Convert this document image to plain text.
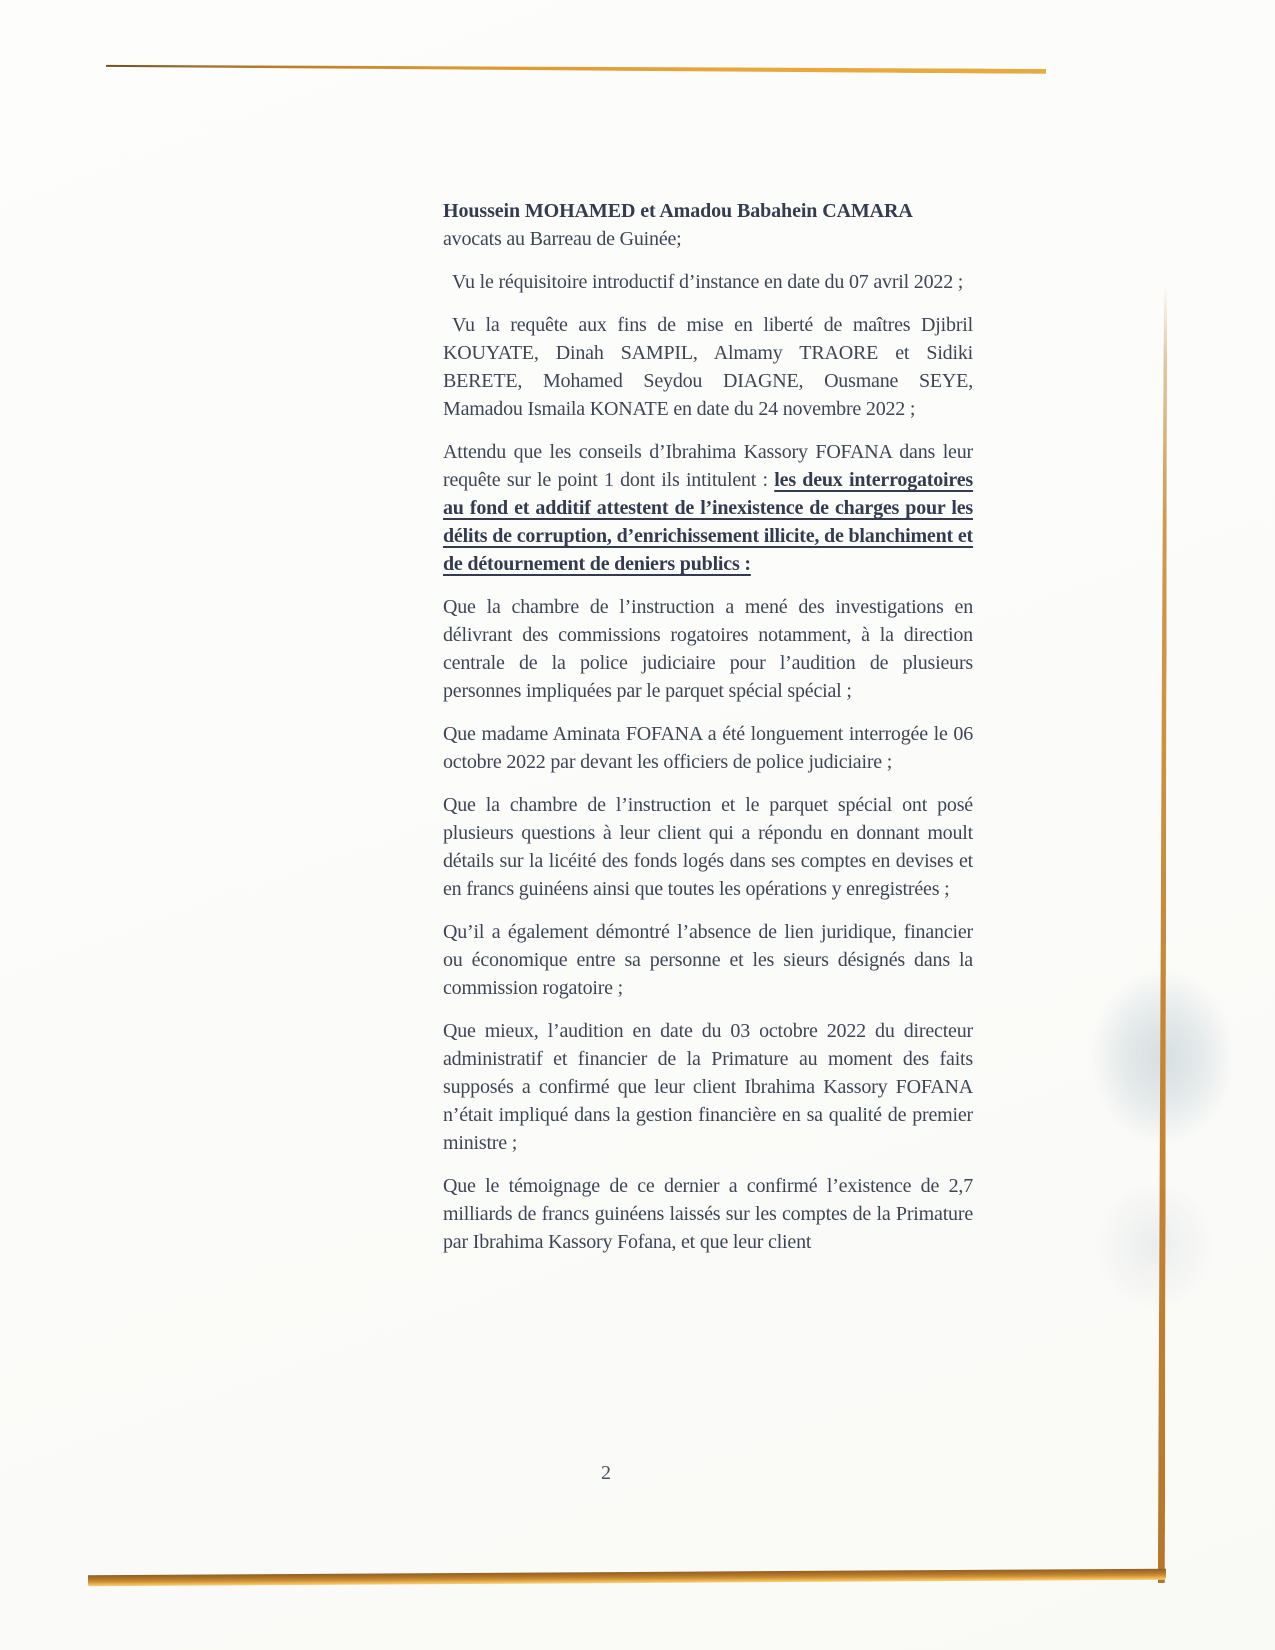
Houssein MOHAMED et Amadou Babahein CAMARA
avocats au Barreau de Guinée;

Vu le réquisitoire introductif d’instance en date du 07 avril 2022 ;

Vu la requête aux fins de mise en liberté de maîtres Djibril KOUYATE, Dinah SAMPIL, Almamy TRAORE et Sidiki BERETE, Mohamed Seydou DIAGNE, Ousmane SEYE, Mamadou Ismaila KONATE en date du 24 novembre 2022 ;

Attendu que les conseils d’Ibrahima Kassory FOFANA dans leur requête sur le point 1 dont ils intitulent : les deux interrogatoires au fond et additif attestent de l’inexistence de charges pour les délits de corruption, d’enrichissement illicite, de blanchiment et de détournement de deniers publics :

Que la chambre de l’instruction a mené des investigations en délivrant des commissions rogatoires notamment, à la direction centrale de la police judiciaire pour l’audition de plusieurs personnes impliquées par le parquet spécial spécial ;

Que madame Aminata FOFANA a été longuement interrogée le 06 octobre 2022 par devant les officiers de police judiciaire ;

Que la chambre de l’instruction et le parquet spécial ont posé plusieurs questions à leur client qui a répondu en donnant moult détails sur la licéité des fonds logés dans ses comptes en devises et en francs guinéens ainsi que toutes les opérations y enregistrées ;

Qu’il a également démontré l’absence de lien juridique, financier ou économique entre sa personne et les sieurs désignés dans la commission rogatoire ;

Que mieux, l’audition en date du 03 octobre 2022 du directeur administratif et financier de la Primature au moment des faits supposés a confirmé que leur client Ibrahima Kassory FOFANA n’était impliqué dans la gestion financière en sa qualité de premier ministre ;

Que le témoignage de ce dernier a confirmé l’existence de 2,7 milliards de francs guinéens laissés sur les comptes de la Primature par Ibrahima Kassory Fofana, et que leur client

2
